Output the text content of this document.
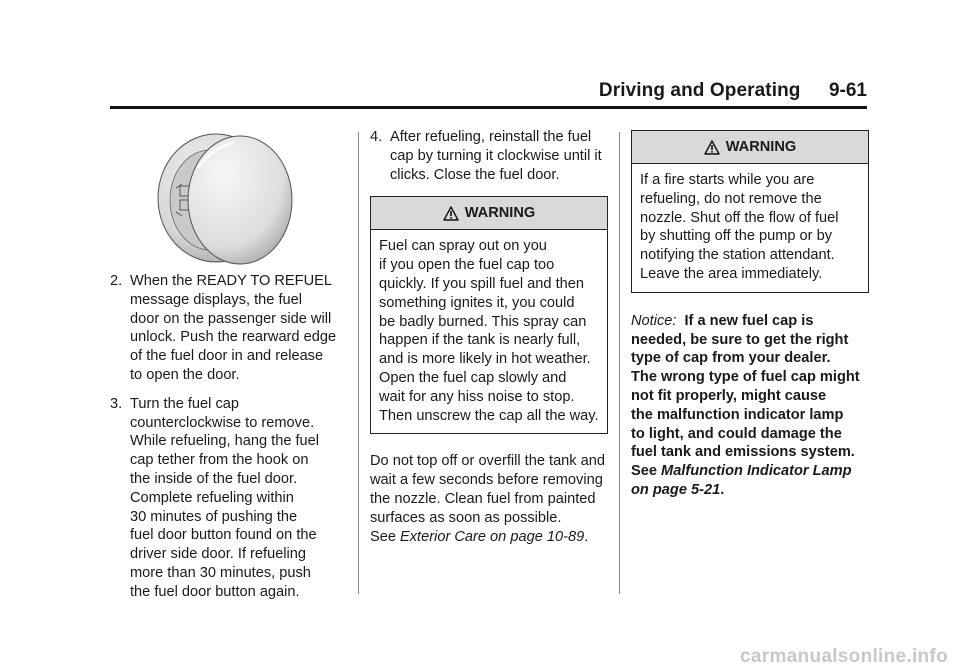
Driving and Operating 9-61
2. When the READY TO REFUEL
message displays, the fuel
door on the passenger side will
unlock. Push the rearward edge
of the fuel door in and release
to open the door.
3. Turn the fuel cap
counterclockwise to remove.
While refueling, hang the fuel
cap tether from the hook on
the inside of the fuel door.
Complete refueling within
30 minutes of pushing the
fuel door button found on the
driver side door. If refueling
more than 30 minutes, push
the fuel door button again.
4. After refueling, reinstall the fuel
cap by turning it clockwise until it
clicks. Close the fuel door.
WARNING
Fuel can spray out on you
if you open the fuel cap too
quickly. If you spill fuel and then
something ignites it, you could
be badly burned. This spray can
happen if the tank is nearly full,
and is more likely in hot weather.
Open the fuel cap slowly and
wait for any hiss noise to stop.
Then unscrew the cap all the way.
Do not top off or overfill the tank and
wait a few seconds before removing
the nozzle. Clean fuel from painted
surfaces as soon as possible.
See Exterior Care on page 10-89.
WARNING
If a fire starts while you are
refueling, do not remove the
nozzle. Shut off the flow of fuel
by shutting off the pump or by
notifying the station attendant.
Leave the area immediately.
Notice: If a new fuel cap is
needed, be sure to get the right
type of cap from your dealer.
The wrong type of fuel cap might
not fit properly, might cause
the malfunction indicator lamp
to light, and could damage the
fuel tank and emissions system.
See Malfunction Indicator Lamp
on page 5-21.
carmanualsonline.info
